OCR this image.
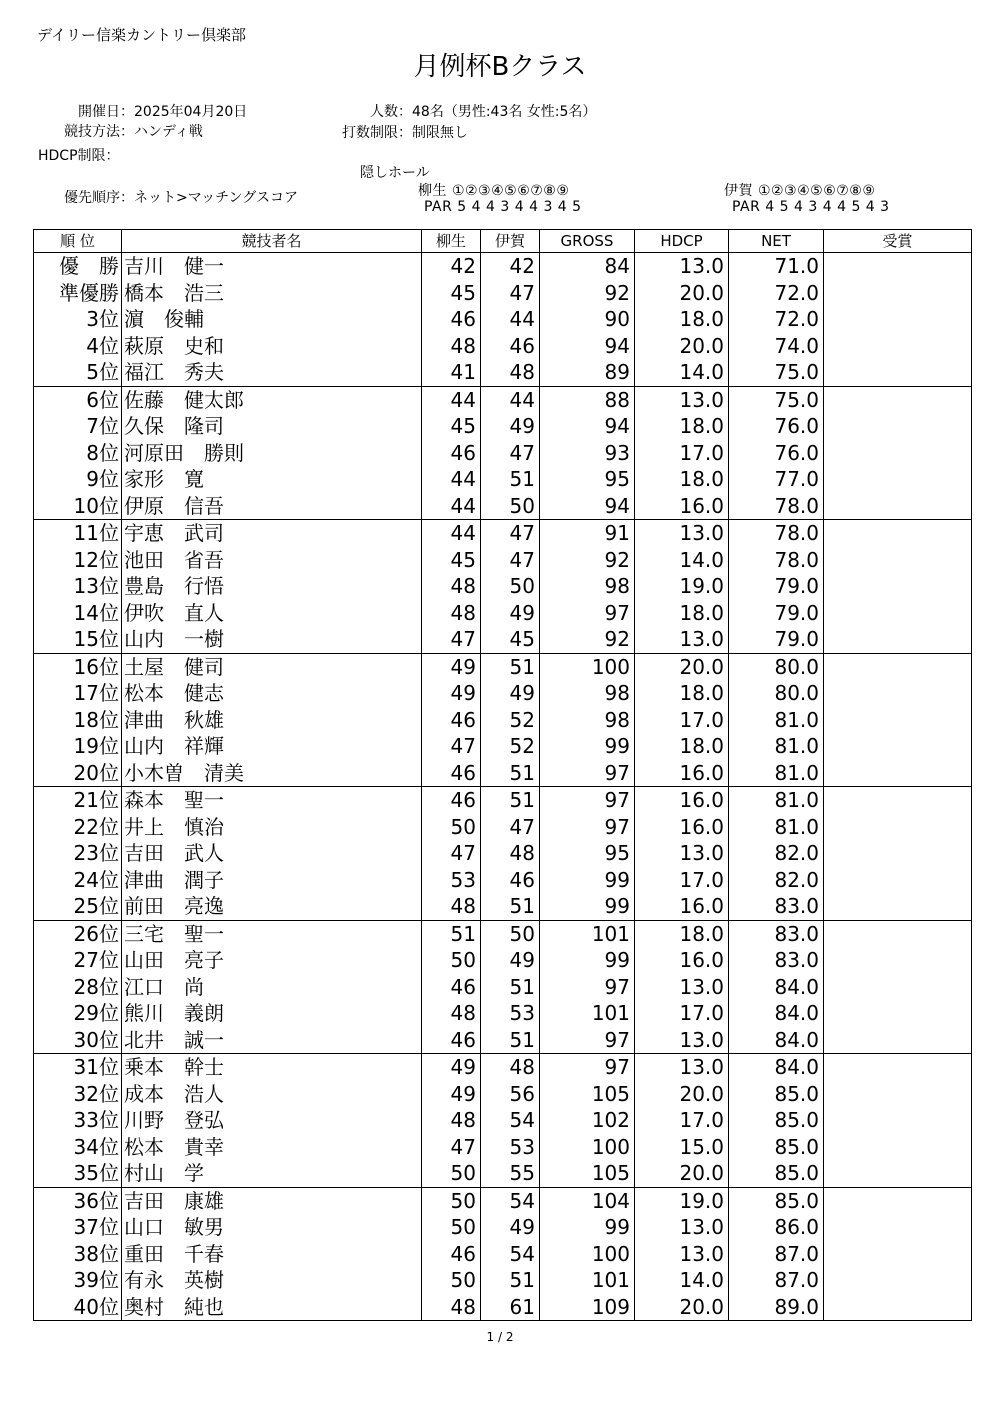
デイリー信楽カントリー倶楽部
月例杯Bクラス
開催日：2025年04月20日
競技方法：ハンディ戦
HDCP制限：
人数：48名（男性:43名 女性:5名）
打数制限：制限無し
隠しホール
優先順序：ネット>マッチングスコア	柳生 ①②③④⑤⑥⑦⑧⑨
PAR 5 4 4 3 4 4 3 4 5
伊賀 ①②③④⑤⑥⑦⑧⑨
PAR 4 5 4 3 4 4 5 4 3
順 位	競技者名	柳生	伊賀	GROSS	HDCP	NET	受賞
優　勝	吉川　健一	42	42	84	13.0	71.0	
準優勝	橋本　浩三	45	47	92	20.0	72.0	
3位	濵　俊輔	46	44	90	18.0	72.0	
4位	萩原　史和	48	46	94	20.0	74.0	
5位	福江　秀夫	41	48	89	14.0	75.0	
6位	佐藤　健太郎	44	44	88	13.0	75.0	
7位	久保　隆司	45	49	94	18.0	76.0	
8位	河原田　勝則	46	47	93	17.0	76.0	
9位	家形　寛	44	51	95	18.0	77.0	
10位	伊原　信吾	44	50	94	16.0	78.0	
11位	宇恵　武司	44	47	91	13.0	78.0	
12位	池田　省吾	45	47	92	14.0	78.0	
13位	豊島　行悟	48	50	98	19.0	79.0	
14位	伊吹　直人	48	49	97	18.0	79.0	
15位	山内　一樹	47	45	92	13.0	79.0	
16位	土屋　健司	49	51	100	20.0	80.0	
17位	松本　健志	49	49	98	18.0	80.0	
18位	津曲　秋雄	46	52	98	17.0	81.0	
19位	山内　祥輝	47	52	99	18.0	81.0	
20位	小木曽　清美	46	51	97	16.0	81.0	
21位	森本　聖一	46	51	97	16.0	81.0	
22位	井上　慎治	50	47	97	16.0	81.0	
23位	吉田　武人	47	48	95	13.0	82.0	
24位	津曲　潤子	53	46	99	17.0	82.0	
25位	前田　亮逸	48	51	99	16.0	83.0	
26位	三宅　聖一	51	50	101	18.0	83.0	
27位	山田　亮子	50	49	99	16.0	83.0	
28位	江口　尚	46	51	97	13.0	84.0	
29位	熊川　義朗	48	53	101	17.0	84.0	
30位	北井　誠一	46	51	97	13.0	84.0	
31位	乗本　幹士	49	48	97	13.0	84.0	
32位	成本　浩人	49	56	105	20.0	85.0	
33位	川野　登弘	48	54	102	17.0	85.0	
34位	松本　貴幸	47	53	100	15.0	85.0	
35位	村山　学	50	55	105	20.0	85.0	
36位	吉田　康雄	50	54	104	19.0	85.0	
37位	山口　敏男	50	49	99	13.0	86.0	
38位	重田　千春	46	54	100	13.0	87.0	
39位	有永　英樹	50	51	101	14.0	87.0	
40位	奥村　純也	48	61	109	20.0	89.0	
1 / 2
